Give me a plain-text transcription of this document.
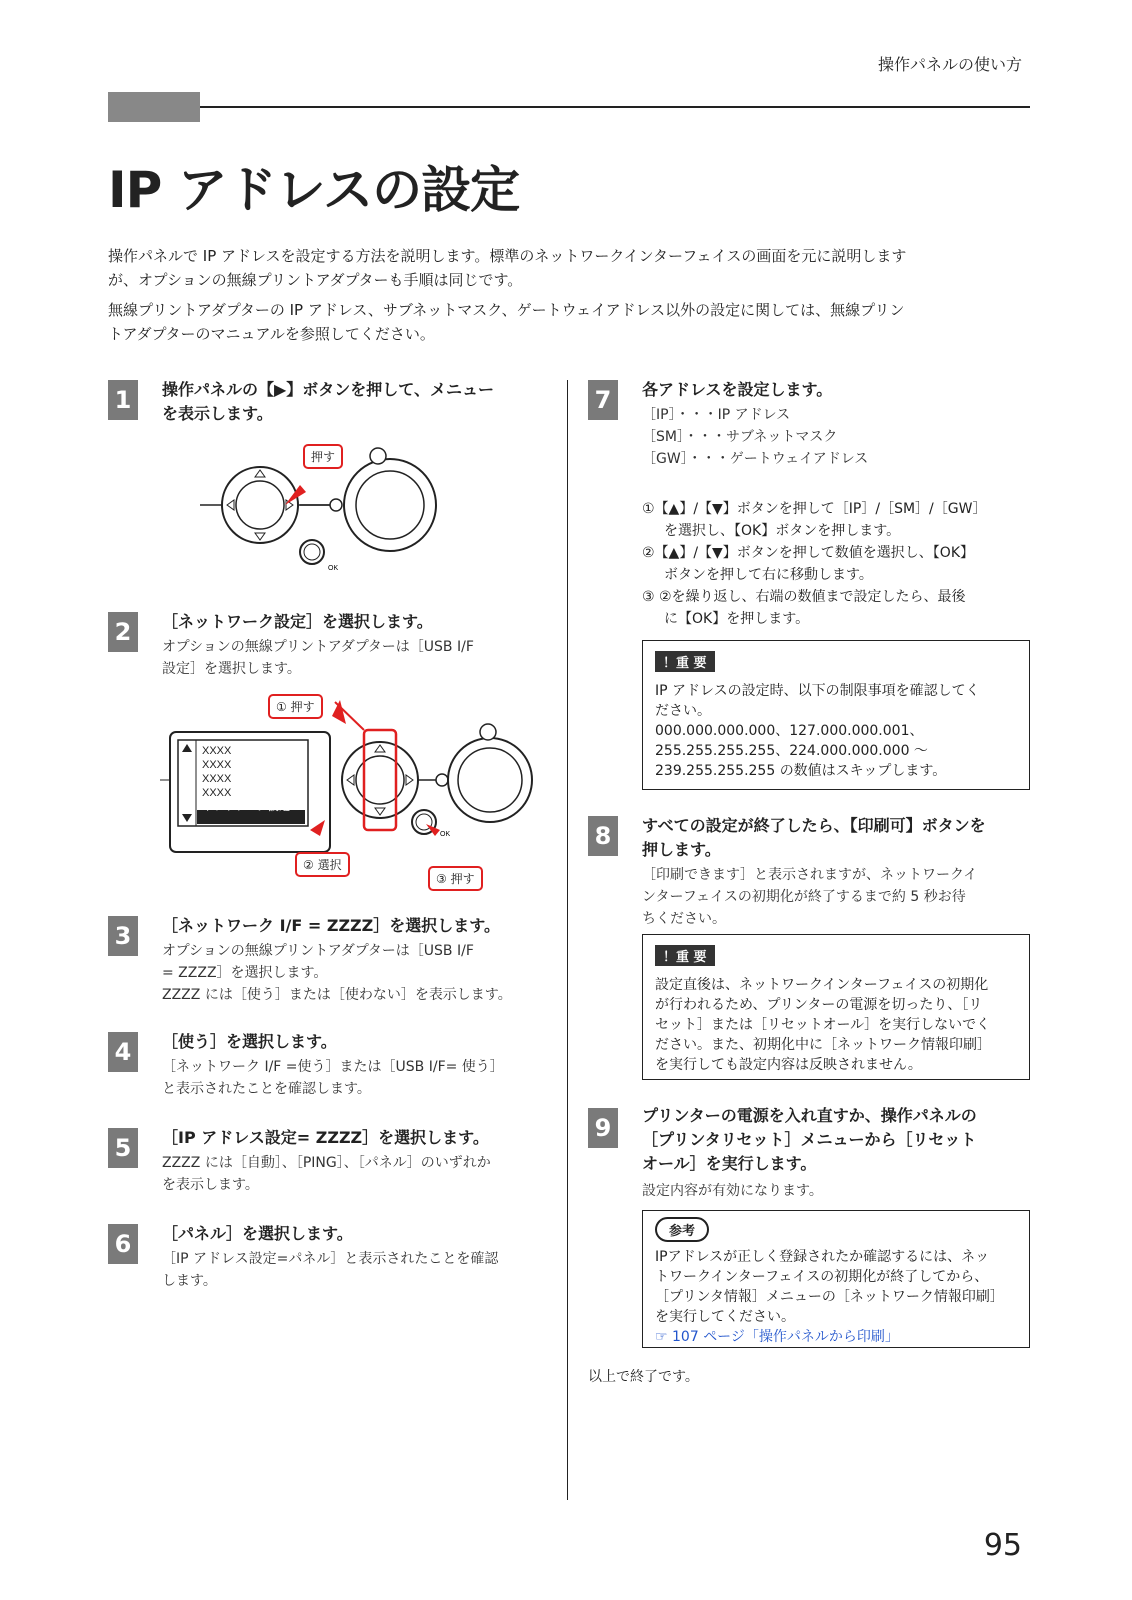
操作パネルの使い方
IP アドレスの設定
操作パネルで IP アドレスを設定する方法を説明します。標準のネットワークインターフェイスの画面を元に説明します
が、オプションの無線プリントアダプターも手順は同じです。
無線プリントアダプターの IP アドレス、サブネットマスク、ゲートウェイアドレス以外の設定に関しては、無線プリン
トアダプターのマニュアルを参照してください。
1	操作パネルの【▶】ボタンを押して、メニュー
を表示します。
OK
押す
2	［ネットワーク設定］を選択します。
オプションの無線プリントアダプターは［USB I/F
設定］を選択します。
OK
XXXX
XXXX
XXXX
XXXX
ネットワーク設定
① 押す
② 選択
③ 押す
3	［ネットワーク I/F = ZZZZ］を選択します。
オプションの無線プリントアダプターは［USB I/F
= ZZZZ］を選択します。
ZZZZ には［使う］または［使わない］を表示します。
4	［使う］を選択します。
［ネットワーク I/F =使う］または［USB I/F= 使う］
と表示されたことを確認します。
5	［IP アドレス設定= ZZZZ］を選択します。
ZZZZ には［自動］、［PING］、［パネル］のいずれか
を表示します。
6	［パネル］を選択します。
［IP アドレス設定=パネル］と表示されたことを確認
します。
7	各アドレスを設定します。
［IP］・・・IP アドレス
［SM］・・・サブネットマスク
［GW］・・・ゲートウェイアドレス
①【▲】/【▼】ボタンを押して［IP］/［SM］/［GW］
を選択し、【OK】ボタンを押します。
②【▲】/【▼】ボタンを押して数値を選択し、【OK】
ボタンを押して右に移動します。
③ ②を繰り返し、右端の数値まで設定したら、最後
に【OK】を押します。
！重 要
IP アドレスの設定時、以下の制限事項を確認してく
ださい。
000.000.000.000、127.000.000.001、
255.255.255.255、224.000.000.000 ～
239.255.255.255 の数値はスキップします。
8	すべての設定が終了したら、【印刷可】ボタンを
押します。
［印刷できます］と表示されますが、ネットワークイ
ンターフェイスの初期化が終了するまで約 5 秒お待
ちください。
！重 要
設定直後は、ネットワークインターフェイスの初期化
が行われるため、プリンターの電源を切ったり、［リ
セット］または［リセットオール］を実行しないでく
ださい。また、初期化中に［ネットワーク情報印刷］
を実行しても設定内容は反映されません。
9	プリンターの電源を入れ直すか、操作パネルの
［プリンタリセット］メニューから［リセット
オール］を実行します。
設定内容が有効になります。
参考
IPアドレスが正しく登録されたか確認するには、ネッ
トワークインターフェイスの初期化が終了してから、
［プリンタ情報］メニューの［ネットワーク情報印刷］
を実行してください。
☞ 107 ページ「操作パネルから印刷」
以上で終了です。
95
